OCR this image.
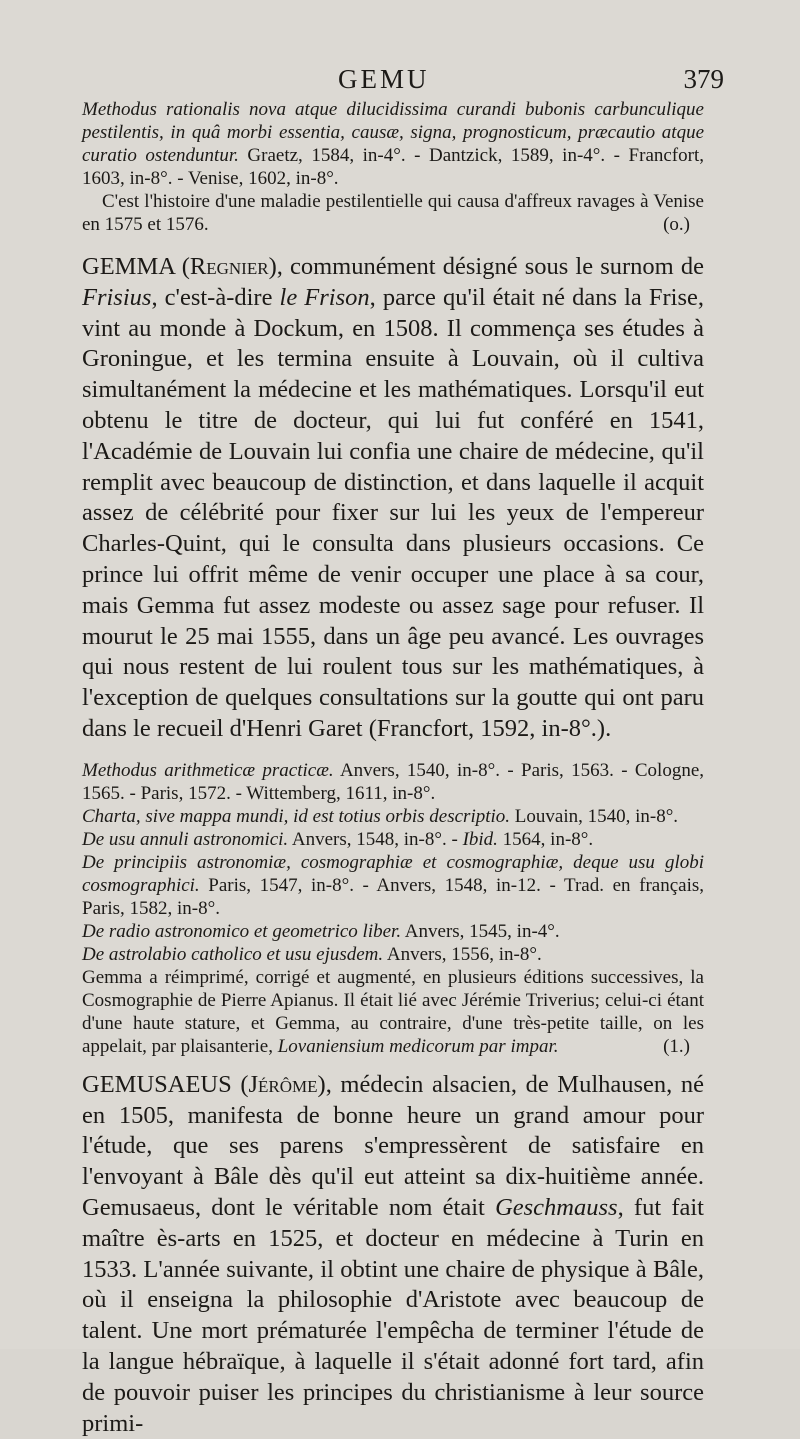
GEMU	379

Methodus rationalis nova atque dilucidissima curandi bubonis carbunculique pestilentis, in quâ morbi essentia, causæ, signa, prognosticum, præcautio atque curatio ostenduntur. Graetz, 1584, in-4°. - Dantzick, 1589, in-4°. - Francfort, 1603, in-8°. - Venise, 1602, in-8°.

C'est l'histoire d'une maladie pestilentielle qui causa d'affreux ravages à Venise en 1575 et 1576.	(o.)

GEMMA (Regnier), communément désigné sous le surnom de Frisius, c'est-à-dire le Frison, parce qu'il était né dans la Frise, vint au monde à Dockum, en 1508. Il commença ses études à Groningue, et les termina ensuite à Louvain, où il cultiva simultanément la médecine et les mathématiques. Lorsqu'il eut obtenu le titre de docteur, qui lui fut conféré en 1541, l'Académie de Louvain lui confia une chaire de médecine, qu'il remplit avec beaucoup de distinction, et dans laquelle il acquit assez de célébrité pour fixer sur lui les yeux de l'empereur Charles-Quint, qui le consulta dans plusieurs occasions. Ce prince lui offrit même de venir occuper une place à sa cour, mais Gemma fut assez modeste ou assez sage pour refuser. Il mourut le 25 mai 1555, dans un âge peu avancé. Les ouvrages qui nous restent de lui roulent tous sur les mathématiques, à l'exception de quelques consultations sur la goutte qui ont paru dans le recueil d'Henri Garet (Francfort, 1592, in-8°.).

Methodus arithmeticæ practicæ. Anvers, 1540, in-8°. - Paris, 1563. - Cologne, 1565. - Paris, 1572. - Wittemberg, 1611, in-8°.

Charta, sive mappa mundi, id est totius orbis descriptio. Louvain, 1540, in-8°.

De usu annuli astronomici. Anvers, 1548, in-8°. - Ibid. 1564, in-8°.

De principiis astronomiæ, cosmographiæ et cosmographiæ, deque usu globi cosmographici. Paris, 1547, in-8°. - Anvers, 1548, in-12. - Trad. en français, Paris, 1582, in-8°.

De radio astronomico et geometrico liber. Anvers, 1545, in-4°.

De astrolabio catholico et usu ejusdem. Anvers, 1556, in-8°.

Gemma a réimprimé, corrigé et augmenté, en plusieurs éditions successives, la Cosmographie de Pierre Apianus. Il était lié avec Jérémie Triverius; celui-ci étant d'une haute stature, et Gemma, au contraire, d'une très-petite taille, on les appelait, par plaisanterie, Lovaniensium medicorum par impar.	(1.)

GEMUSAEUS (Jérôme), médecin alsacien, de Mulhausen, né en 1505, manifesta de bonne heure un grand amour pour l'étude, que ses parens s'empressèrent de satisfaire en l'envoyant à Bâle dès qu'il eut atteint sa dix-huitième année. Gemusaeus, dont le véritable nom était Geschmauss, fut fait maître ès-arts en 1525, et docteur en médecine à Turin en 1533. L'année suivante, il obtint une chaire de physique à Bâle, où il enseigna la philosophie d'Aristote avec beaucoup de talent. Une mort prématurée l'empêcha de terminer l'étude de la langue hébraïque, à laquelle il s'était adonné fort tard, afin de pouvoir puiser les principes du christianisme à leur source primi-
